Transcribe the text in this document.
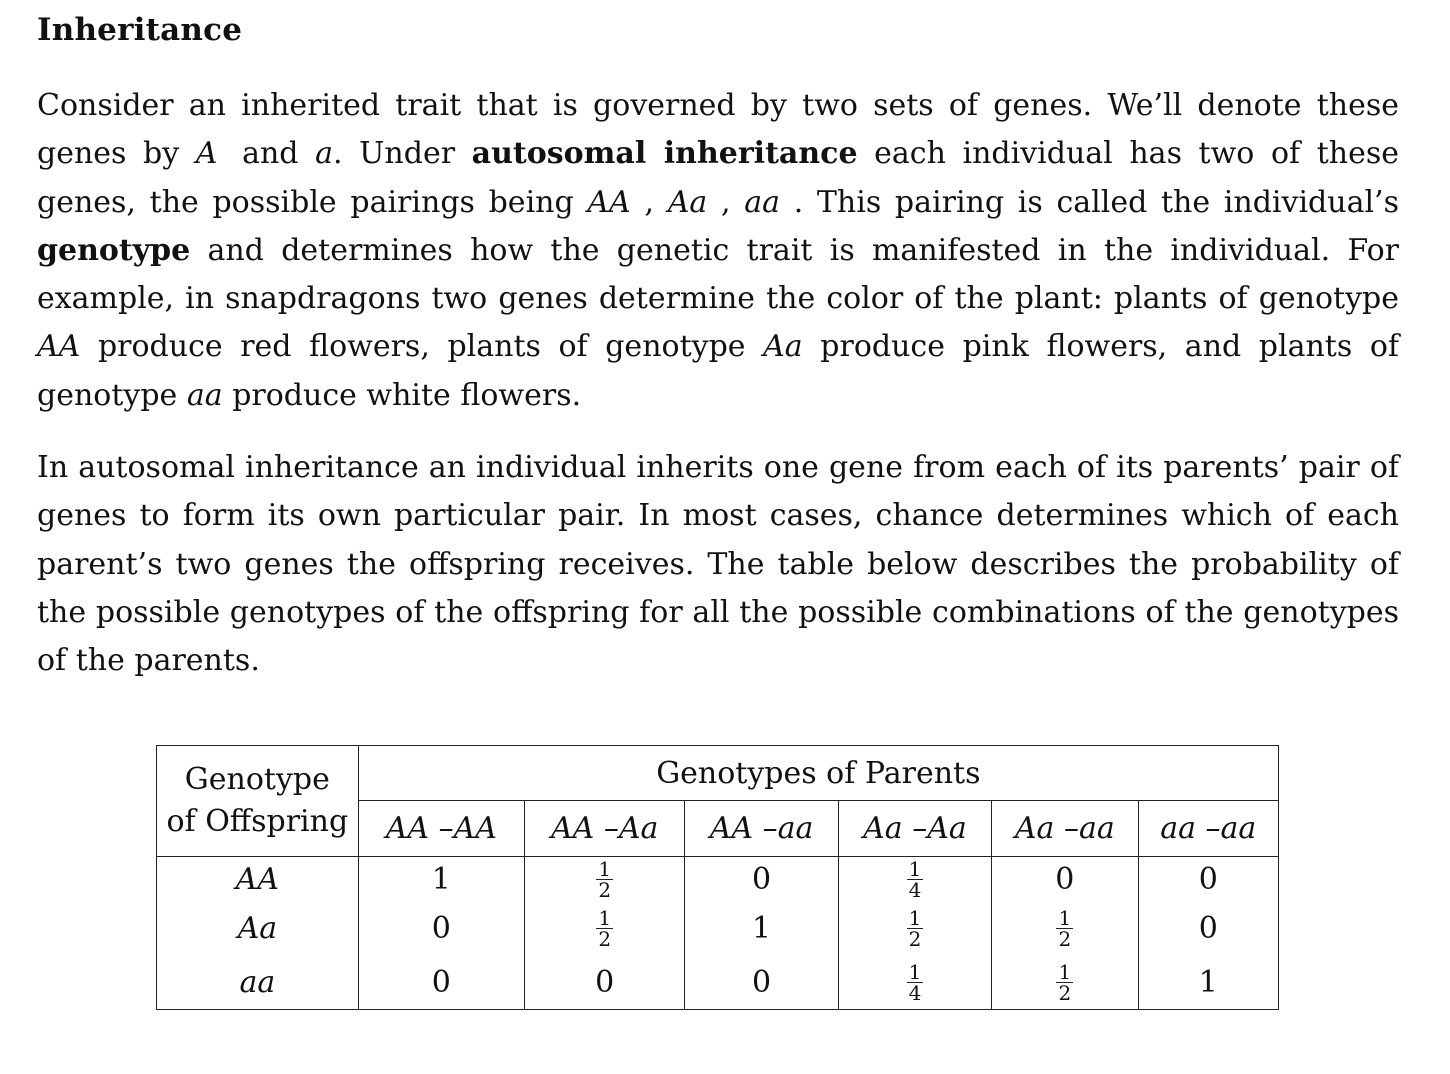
Inheritance

Consider an inherited trait that is governed by two sets of genes. We’ll denote these genes by A and a. Under autosomal inheritance each individual has two of these genes, the possible pairings being AA , Aa , aa . This pairing is called the individual’s genotype and determines how the genetic trait is manifested in the individual. For example, in snapdragons two genes determine the color of the plant: plants of genotype AA produce red flowers, plants of genotype Aa produce pink flowers, and plants of genotype aa produce white flowers.

In autosomal inheritance an individual inherits one gene from each of its parents’ pair of genes to form its own particular pair. In most cases, chance determines which of each parent’s two genes the offspring receives. The table below describes the probability of the possible genotypes of the offspring for all the possible combinations of the genotypes of the parents.

Genotype
of Offspring	Genotypes of Parents					
	AA –AA	AA –Aa	AA –aa	Aa –Aa	Aa –aa	aa –aa
AA	1	$\frac{1}{2}$	0	$\frac{1}{4}$	0	0
Aa	0	$\frac{1}{2}$	1	$\frac{1}{2}$	$\frac{1}{2}$	0
aa	0	0	0	$\frac{1}{4}$	$\frac{1}{2}$	1
